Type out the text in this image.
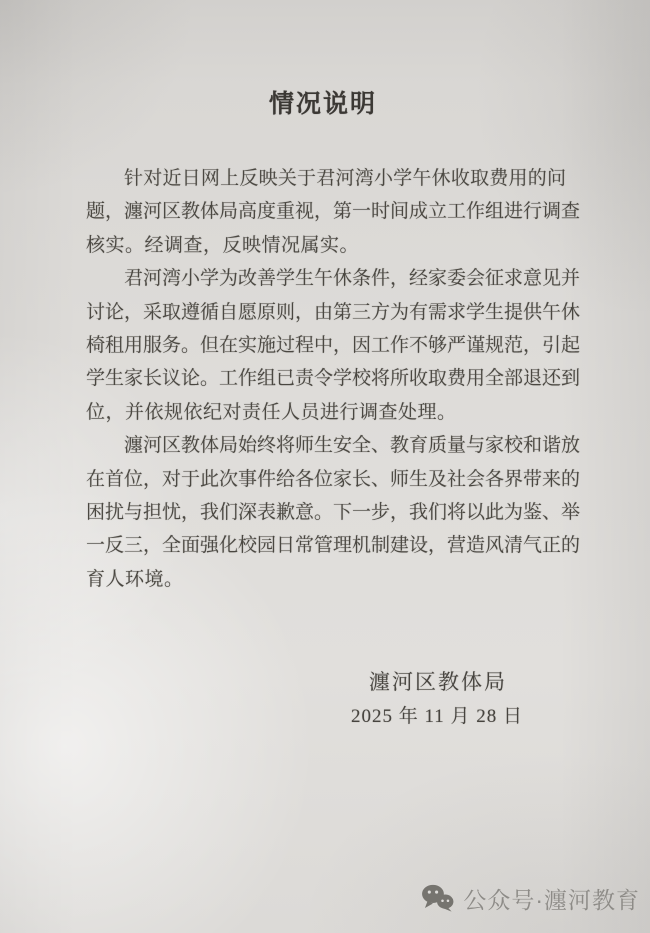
情况说明
针对近日网上反映关于君河湾小学午休收取费用的问
题，瀍河区教体局高度重视，第一时间成立工作组进行调查
核实。经调查，反映情况属实。
君河湾小学为改善学生午休条件，经家委会征求意见并
讨论，采取遵循自愿原则，由第三方为有需求学生提供午休
椅租用服务。但在实施过程中，因工作不够严谨规范，引起
学生家长议论。工作组已责令学校将所收取费用全部退还到
位，并依规依纪对责任人员进行调查处理。
瀍河区教体局始终将师生安全、教育质量与家校和谐放
在首位，对于此次事件给各位家长、师生及社会各界带来的
困扰与担忧，我们深表歉意。下一步，我们将以此为鉴、举
一反三，全面强化校园日常管理机制建设，营造风清气正的
育人环境。
瀍河区教体局
2025 年 11 月 28 日
公众号·瀍河教育
